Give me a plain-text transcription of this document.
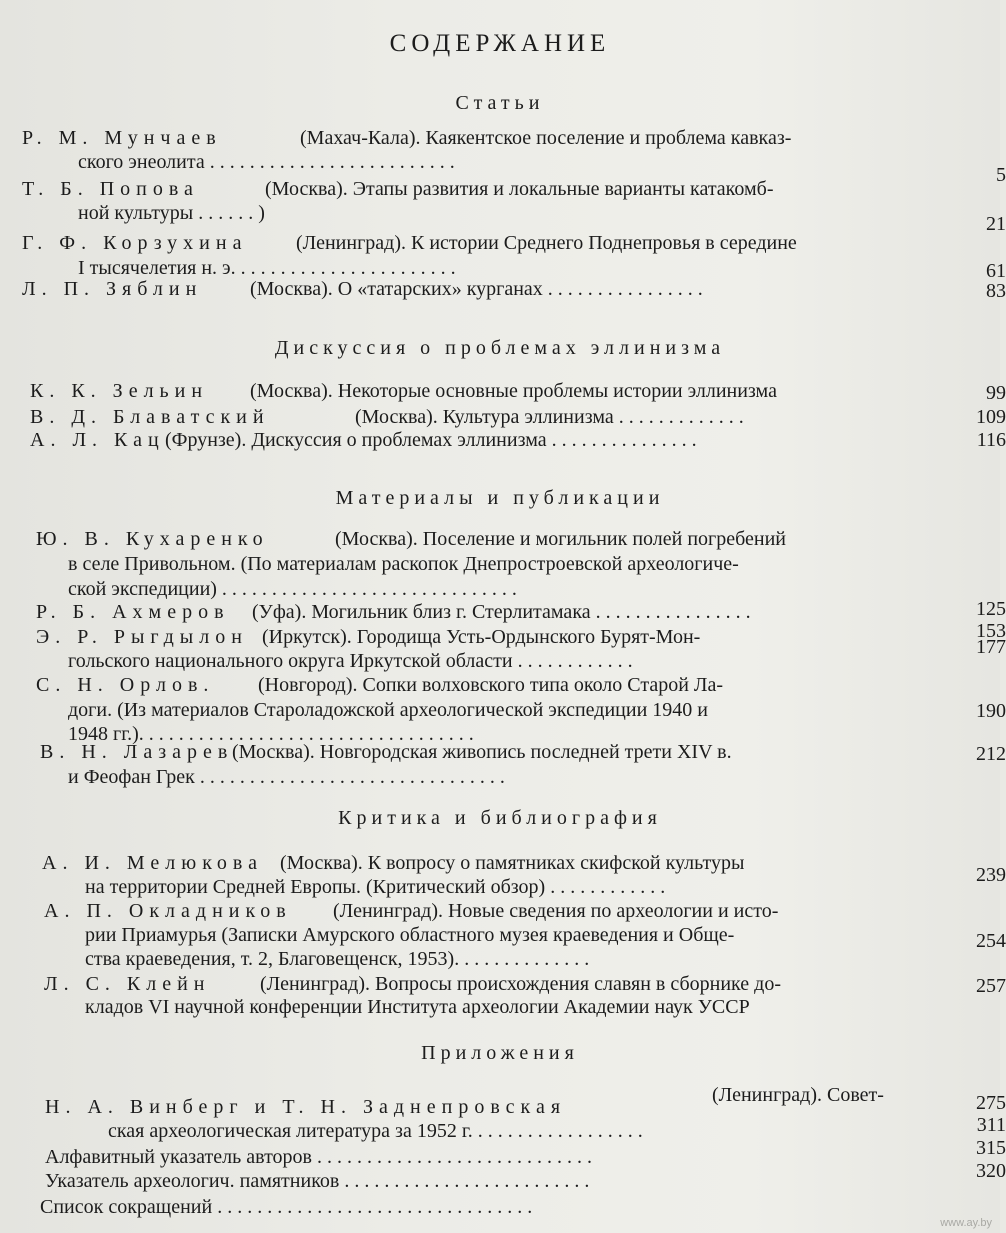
СОДЕРЖАНИЕ
Статьи
Р. М. Мунчаев	(Махач-Кала). Каякентское поселение и проблема кавказ-
ского энеолита . . . . . . . . . . . . . . . . . . . . . . . . .
5
Т. Б. Попова	(Москва). Этапы развития и локальные варианты катакомб-
ной культуры . . . . . . )	21
Г. Ф. Корзухина (Ленинград). К истории Среднего Поднепровья в середине
I тысячелетия н. э. . . . . . . . . . . . . . . . . . . . . . .	61
Л. П. Зяблин (Москва). О «татарских» курганах . . . . . . . . . . . . . . . .	83
Дискуссия о проблемах эллинизма
К. К. Зельин (Москва). Некоторые основные проблемы истории эллинизма	99
В. Д. Блаватский	(Москва). Культура эллинизма . . . . . . . . . . . . .	109
А. Л. Кац (Фрунзе). Дискуссия о проблемах эллинизма . . . . . . . . . . . . . . .	116
Материалы и публикации
Ю. В. Кухаренко	(Москва). Поселение и могильник полей погребений
в селе Привольном. (По материалам раскопок Днепростроевской археологиче-
ской экспедиции) . . . . . . . . . . . . . . . . . . . . . . . . . . . . . .
125
Р. Б. Ахмеров (Уфа). Могильник близ г. Стерлитамака . . . . . . . . . . . . . . . .
153
Э. Р. Рыгдылон (Иркутск). Городища Усть-Ордынского Бурят-Мон-
гольского национального округа Иркутской области . . . . . . . . . . . .
177
С. Н. Орлов. (Новгород). Сопки волховского типа около Старой Ла-
доги. (Из материалов Староладожской археологической экспедиции 1940 и
1948 гг.). . . . . . . . . . . . . . . . . . . . . . . . . . . . . . . . . .
190
В. Н. Лазарев
(Москва). Новгородская живопись последней трети XIV в.
и Феофан Грек . . . . . . . . . . . . . . . . . . . . . . . . . . . . . . .
212
Критика и библиография
А. И. Мелюкова (Москва). К вопросу о памятниках скифской культуры
на территории Средней Европы. (Критический обзор) . . . . . . . . . . . .
239
А. П. Окладников (Ленинград). Новые сведения по археологии и исто-
рии Приамурья (Записки Амурского областного музея краеведения и Обще-
ства краеведения, т. 2, Благовещенск, 1953). . . . . . . . . . . . . .
254
Л. С. Клейн (Ленинград). Вопросы происхождения славян в сборнике до-
кладов VI научной конференции Института археологии Академии наук УССР
257
Приложения
Н. А. Винберг и Т. Н. Заднепровская
(Ленинград). Совет-
ская археологическая литература за 1952 г. . . . . . . . . . . . . . . . . .
275
Алфавитный указатель авторов . . . . . . . . . . . . . . . . . . . . . . . . . . . .
311
Указатель археологич. памятников . . . . . . . . . . . . . . . . . . . . . . . . .
315
Список сокращений . . . . . . . . . . . . . . . . . . . . . . . . . . . . . . . .
320
www.ay.by
